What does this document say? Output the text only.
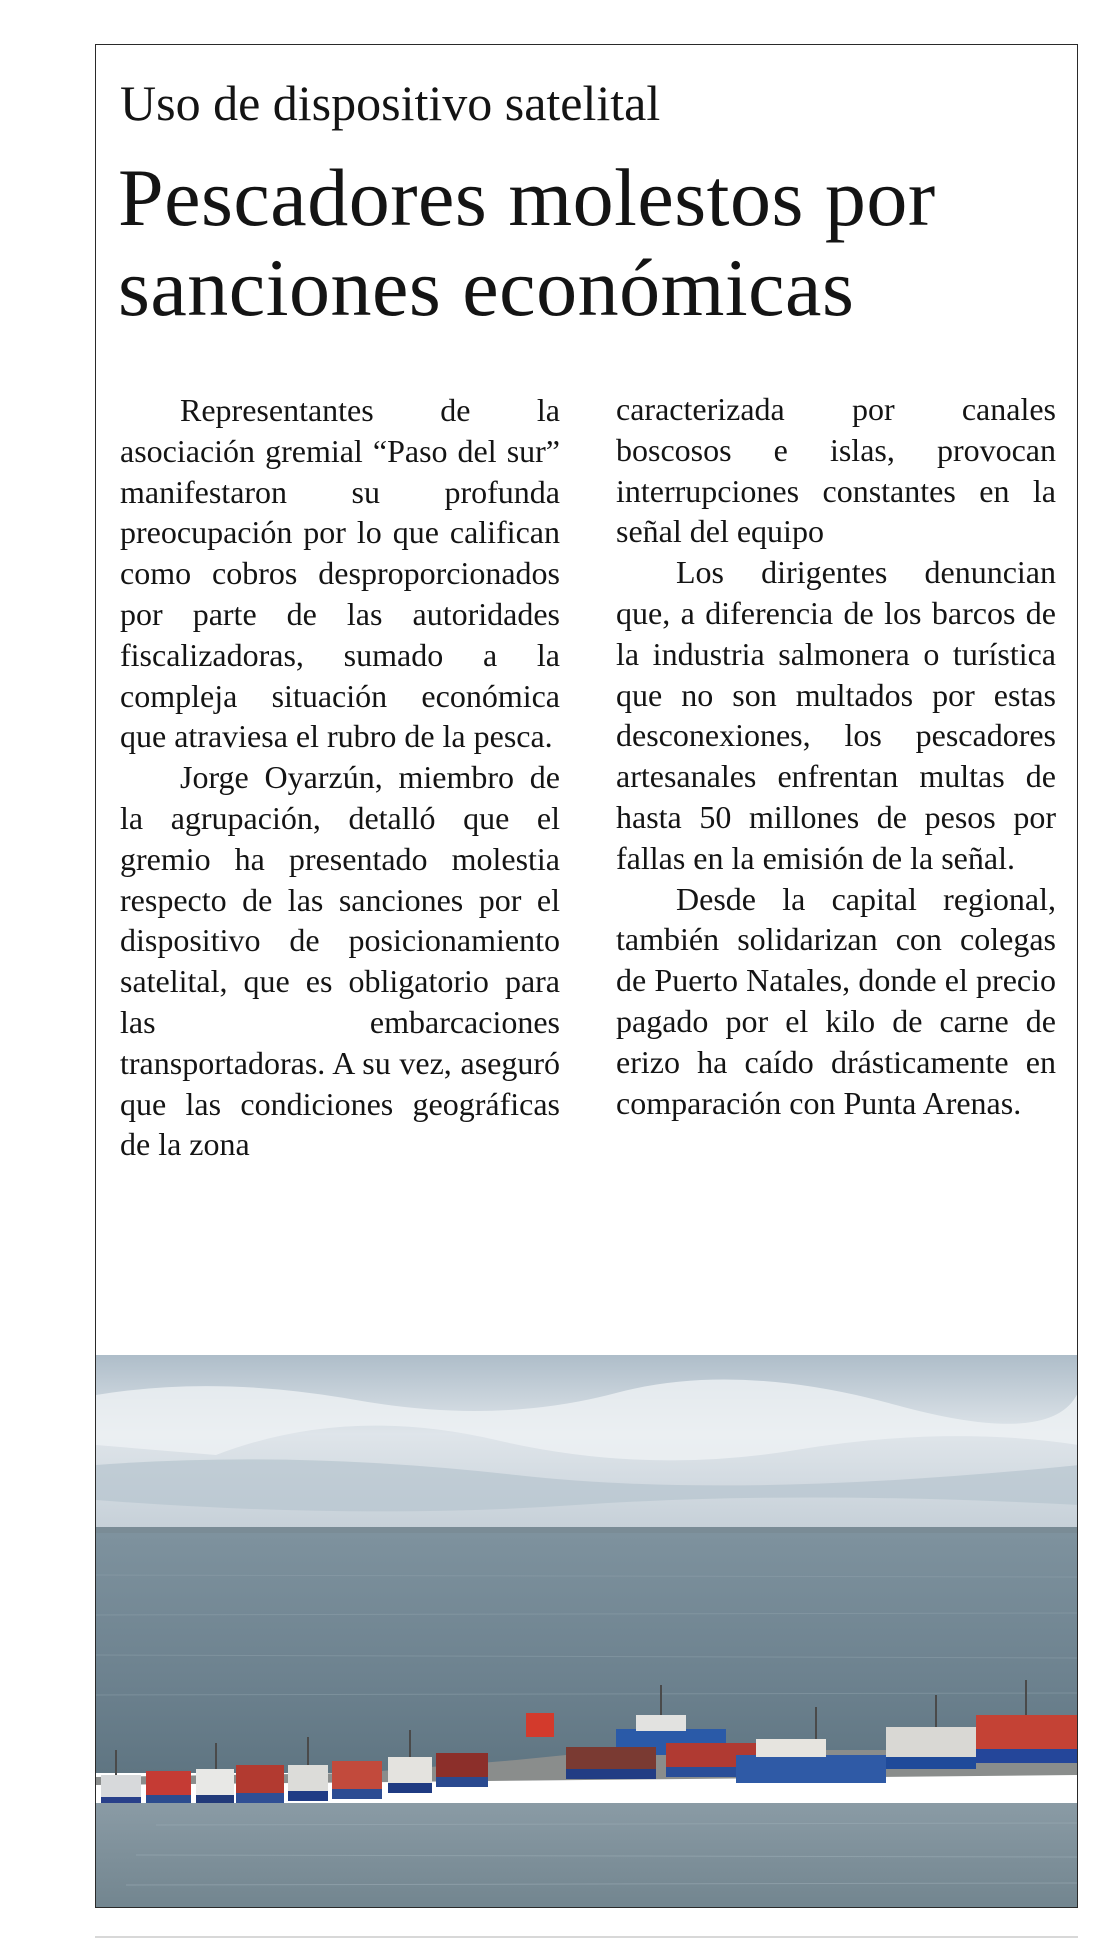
Uso de dispositivo satelital
Pescadores molestos por sanciones económicas

Representantes de la asociación gremial “Paso del sur” manifestaron su profunda preocupación por lo que califican como cobros desproporcionados por parte de las autoridades fiscalizadoras, sumado a la compleja situación económica que atraviesa el rubro de la pesca.

Jorge Oyarzún, miembro de la agrupación, detalló que el gremio ha presentado molestia respecto de las sanciones por el dispositivo de posicionamiento satelital, que es obligatorio para las embarcaciones transportadoras. A su vez, aseguró que las condiciones geográficas de la zona

caracterizada por canales boscosos e islas, provocan interrupciones constantes en la señal del equipo

Los dirigentes denuncian que, a diferencia de los barcos de la industria salmonera o turística que no son multados por estas desconexiones, los pescadores artesanales enfrentan multas de hasta 50 millones de pesos por fallas en la emisión de la señal.

Desde la capital regional, también solidarizan con colegas de Puerto Natales, donde el precio pagado por el kilo de carne de erizo ha caído drásticamente en comparación con Punta Arenas.
